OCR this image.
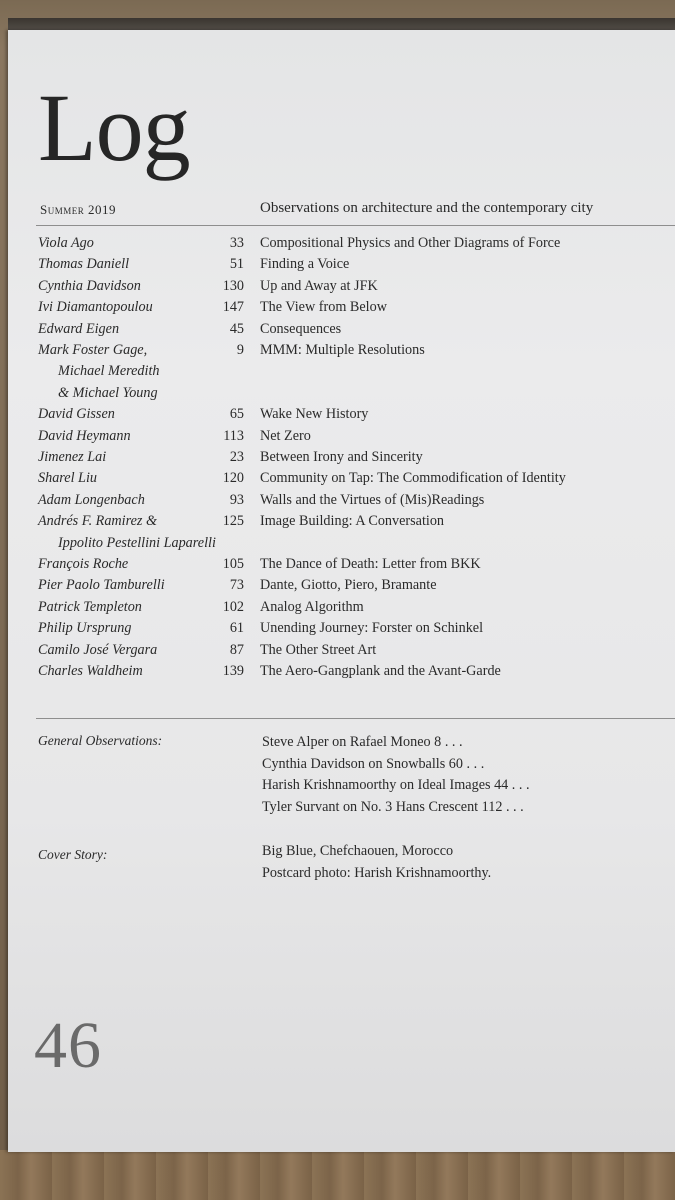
Log
Summer 2019	Observations on architecture and the contemporary city
Viola Ago	33 Compositional Physics and Other Diagrams of Force
Thomas Daniell	51 Finding a Voice
Cynthia Davidson	130 Up and Away at JFK
Ivi Diamantopoulou	147 The View from Below
Edward Eigen	45 Consequences
Mark Foster Gage,	9 MMM: Multiple Resolutions
Michael Meredith
& Michael Young
David Gissen	65 Wake New History
David Heymann	113 Net Zero
Jimenez Lai	23 Between Irony and Sincerity
Sharel Liu	120 Community on Tap: The Commodification of Identity
Adam Longenbach	93 Walls and the Virtues of (Mis)Readings
Andrés F. Ramirez &	125 Image Building: A Conversation
Ippolito Pestellini Laparelli
François Roche	105 The Dance of Death: Letter from BKK
Pier Paolo Tamburelli	73 Dante, Giotto, Piero, Bramante
Patrick Templeton	102 Analog Algorithm
Philip Ursprung	61 Unending Journey: Forster on Schinkel
Camilo José Vergara	87 The Other Street Art
Charles Waldheim	139 The Aero-Gangplank and the Avant-Garde
General Observations:	Steve Alper on Rafael Moneo 8 . . .
Cynthia Davidson on Snowballs 60 . . .
Harish Krishnamoorthy on Ideal Images 44 . . .
Tyler Survant on No. 3 Hans Crescent 112 . . .
Cover Story:	Big Blue, Chefchaouen, Morocco
Postcard photo: Harish Krishnamoorthy.
46
